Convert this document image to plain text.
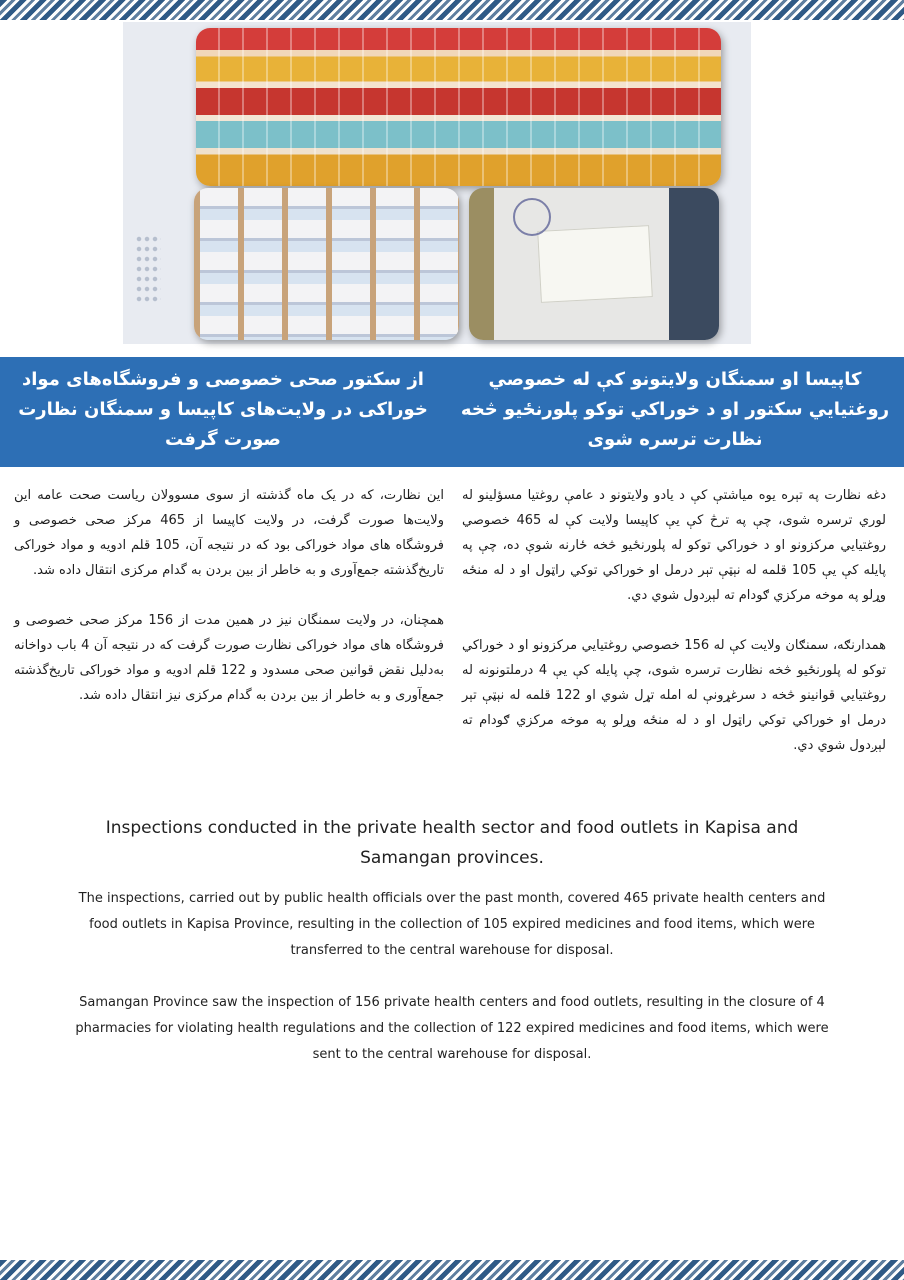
کاپیسا او سمنگان ولایتونو کې له خصوصي روغتیايي سکتور او د خوراکي توکو پلورنځیو څخه نظارت ترسره شوی
از سکتور صحی خصوصی و فروشگاه‌های مواد خوراکی در ولایت‌های کاپیسا و سمنگان نظارت صورت گرفت

دغه نظارت په تېره یوه میاشتې کې د یادو ولایتونو د عامې روغتیا مسؤلینو له لوري ترسره شوی، چې په ترڅ کې یې کاپیسا ولایت کې له 465 خصوصي روغتیايي مرکزونو او د خوراکي توکو له پلورنځیو څخه ځارنه شوې ده، چې په پایله کې یې 105 قلمه له نېټې تېر درمل او خوراکي توکي راټول او د له منځه وړلو په موخه مرکزي ګودام ته لېږدول شوي دي.

همدارنګه، سمنګان ولایت کې له 156 خصوصي روغتیايي مرکزونو او د خوراکي توکو له پلورنځیو څخه نظارت ترسره شوی، چې پایله کې یې 4 درملتونونه له روغتیايي قوانینو څخه د سرغړونې له امله تړل شوي او 122 قلمه له نېټې تېر درمل او خوراکي توکي راټول او د له منځه وړلو په موخه مرکزي ګودام ته لېږدول شوي دي.

این نظارت، که در یک ماه گذشته از سوی مسوولان ریاست صحت عامه این ولایت‌ها صورت گرفت، در ولایت کاپیسا از 465 مرکز صحی خصوصی و فروشگاه های مواد خوراکی بود که در نتیجه آن، 105 قلم ادویه و مواد خوراکی تاریخ‌گذشته جمع‌آوری و به خاطر از بین بردن به گدام مرکزی انتقال داده شد.

همچنان، در ولایت سمنگان نیز در همین مدت از 156 مرکز صحی خصوصی و فروشگاه های مواد خوراکی نظارت صورت گرفت که در نتیجه آن 4 باب دواخانه به‌دلیل نقض قوانین صحی مسدود و 122 قلم ادویه و مواد خوراکی تاریخ‌گذشته جمع‌آوری و به خاطر از بین بردن به گدام مرکزی نیز انتقال داده شد.

Inspections conducted in the private health sector and food outlets in Kapisa and Samangan provinces.

The inspections, carried out by public health officials over the past month, covered 465 private health centers and food outlets in Kapisa Province, resulting in the collection of 105 expired medicines and food items, which were transferred to the central warehouse for disposal.

Samangan Province saw the inspection of 156 private health centers and food outlets, resulting in the closure of 4 pharmacies for violating health regulations and the collection of 122 expired medicines and food items, which were sent to the central warehouse for disposal.
